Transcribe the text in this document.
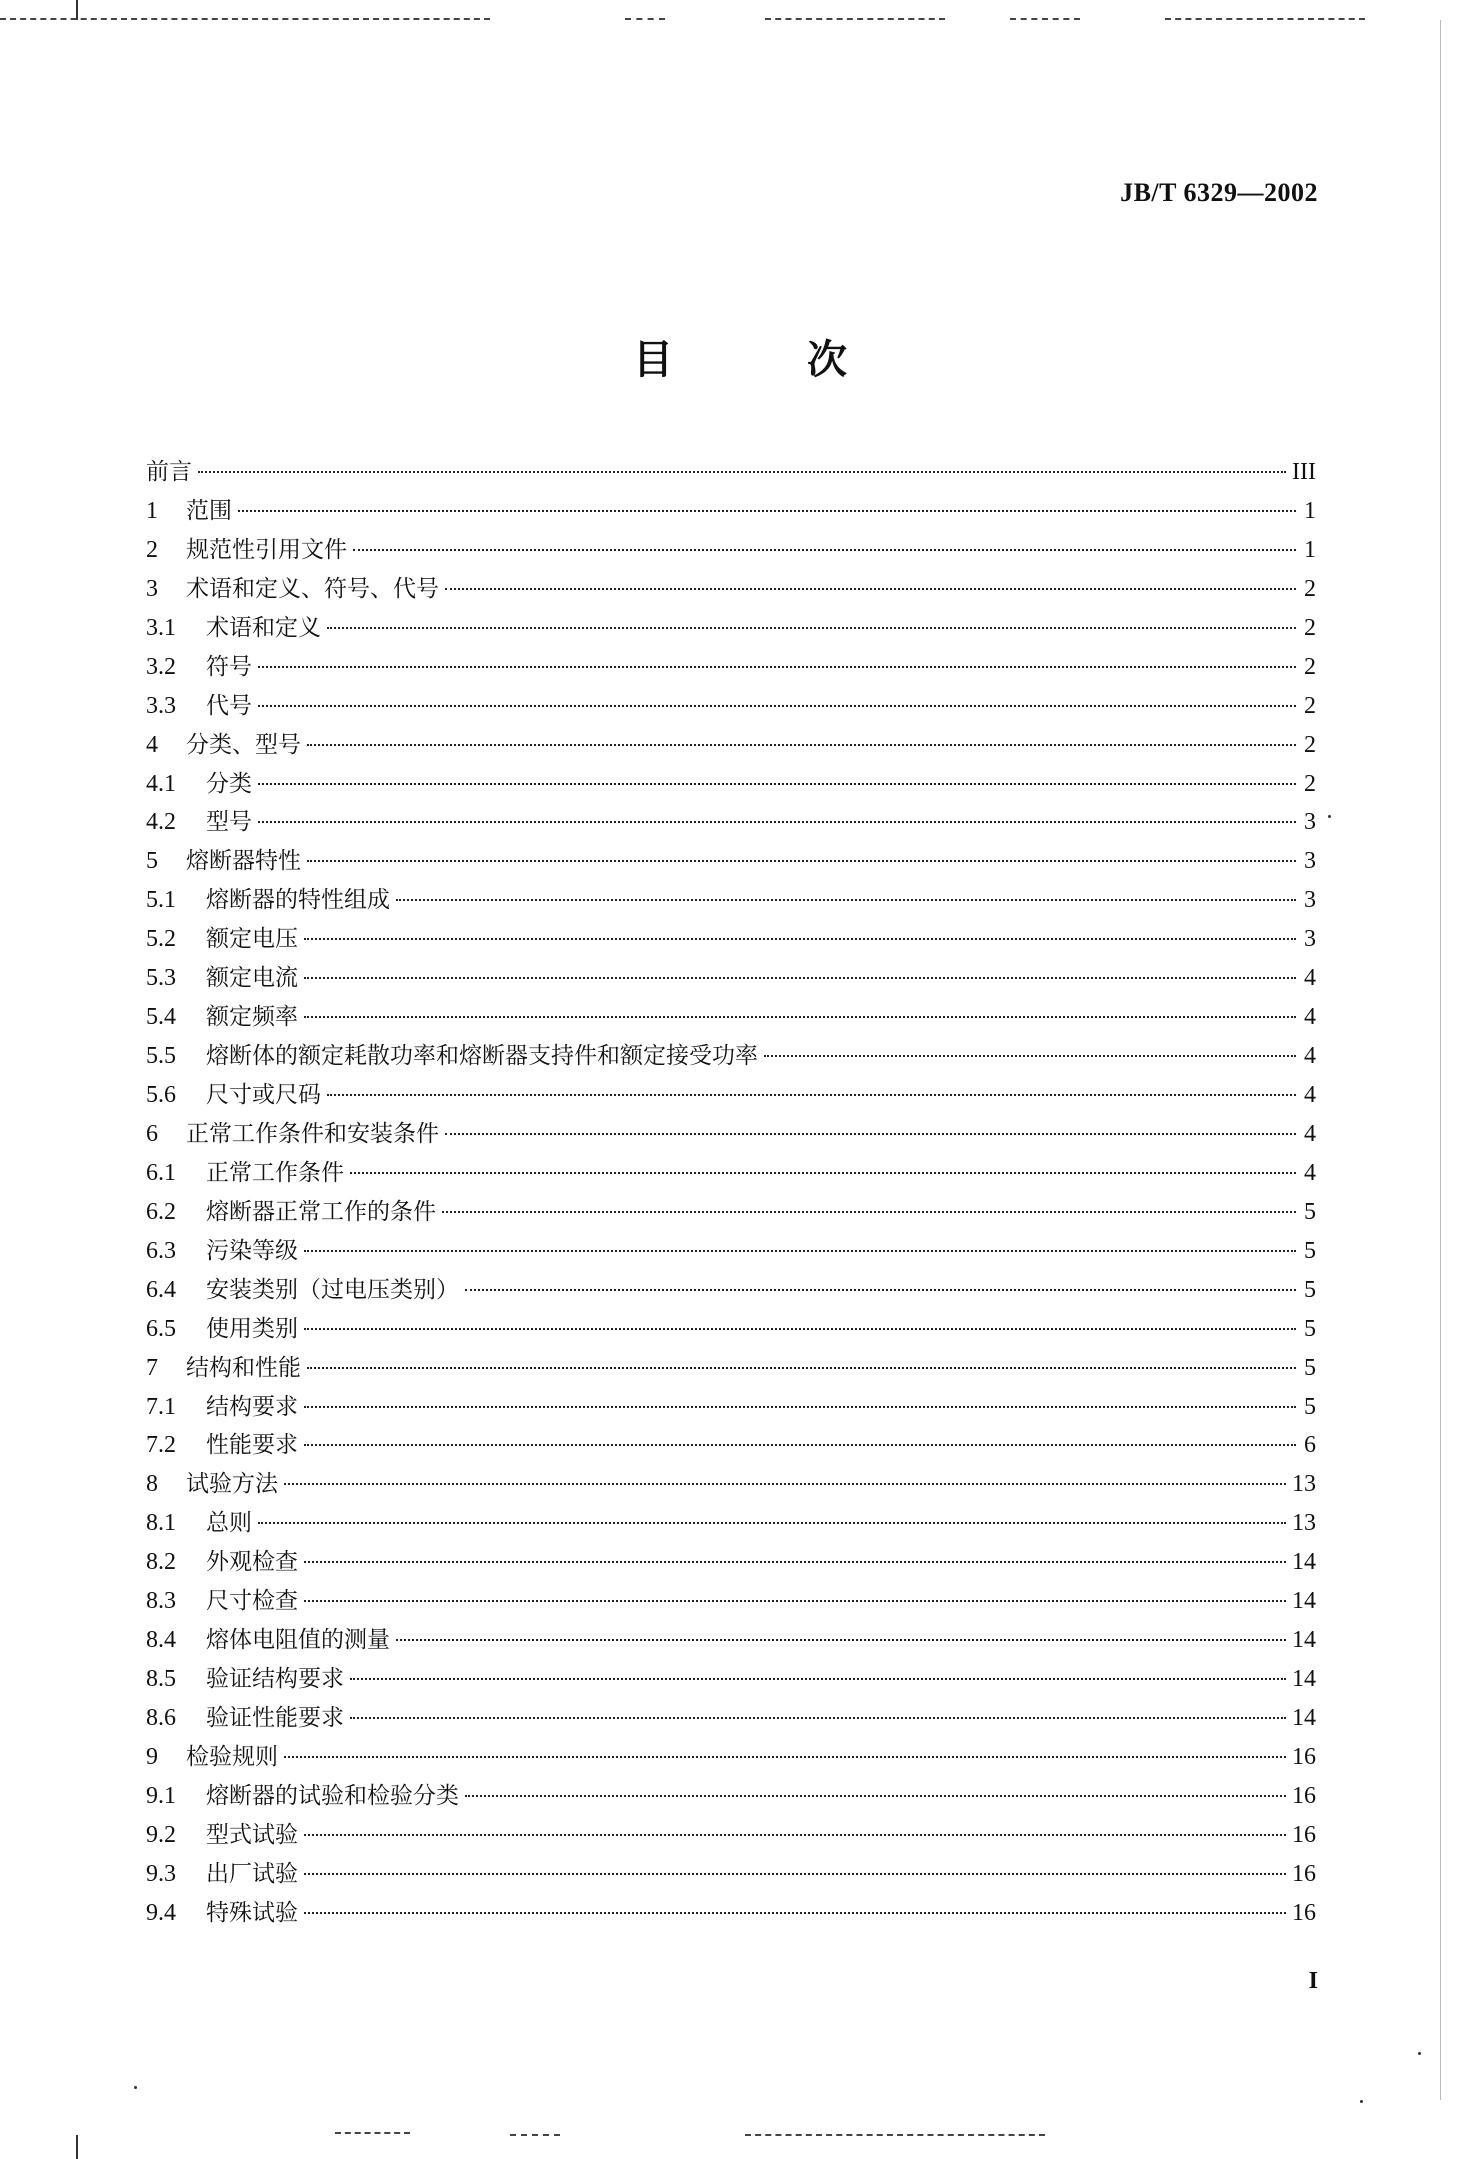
JB/T 6329—2002
目 次
前言	III
1	范围	1
2	规范性引用文件	1
3	术语和定义、符号、代号	2
3.1	术语和定义	2
3.2	符号	2
3.3	代号	2
4	分类、型号	2
4.1	分类	2
4.2	型号	3
5	熔断器特性	3
5.1	熔断器的特性组成	3
5.2	额定电压	3
5.3	额定电流	4
5.4	额定频率	4
5.5	熔断体的额定耗散功率和熔断器支持件和额定接受功率	4
5.6	尺寸或尺码	4
6	正常工作条件和安装条件	4
6.1	正常工作条件	4
6.2	熔断器正常工作的条件	5
6.3	污染等级	5
6.4	安装类别（过电压类别）	5
6.5	使用类别	5
7	结构和性能	5
7.1	结构要求	5
7.2	性能要求	6
8	试验方法	13
8.1	总则	13
8.2	外观检查	14
8.3	尺寸检查	14
8.4	熔体电阻值的测量	14
8.5	验证结构要求	14
8.6	验证性能要求	14
9	检验规则	16
9.1	熔断器的试验和检验分类	16
9.2	型式试验	16
9.3	出厂试验	16
9.4	特殊试验	16
I
